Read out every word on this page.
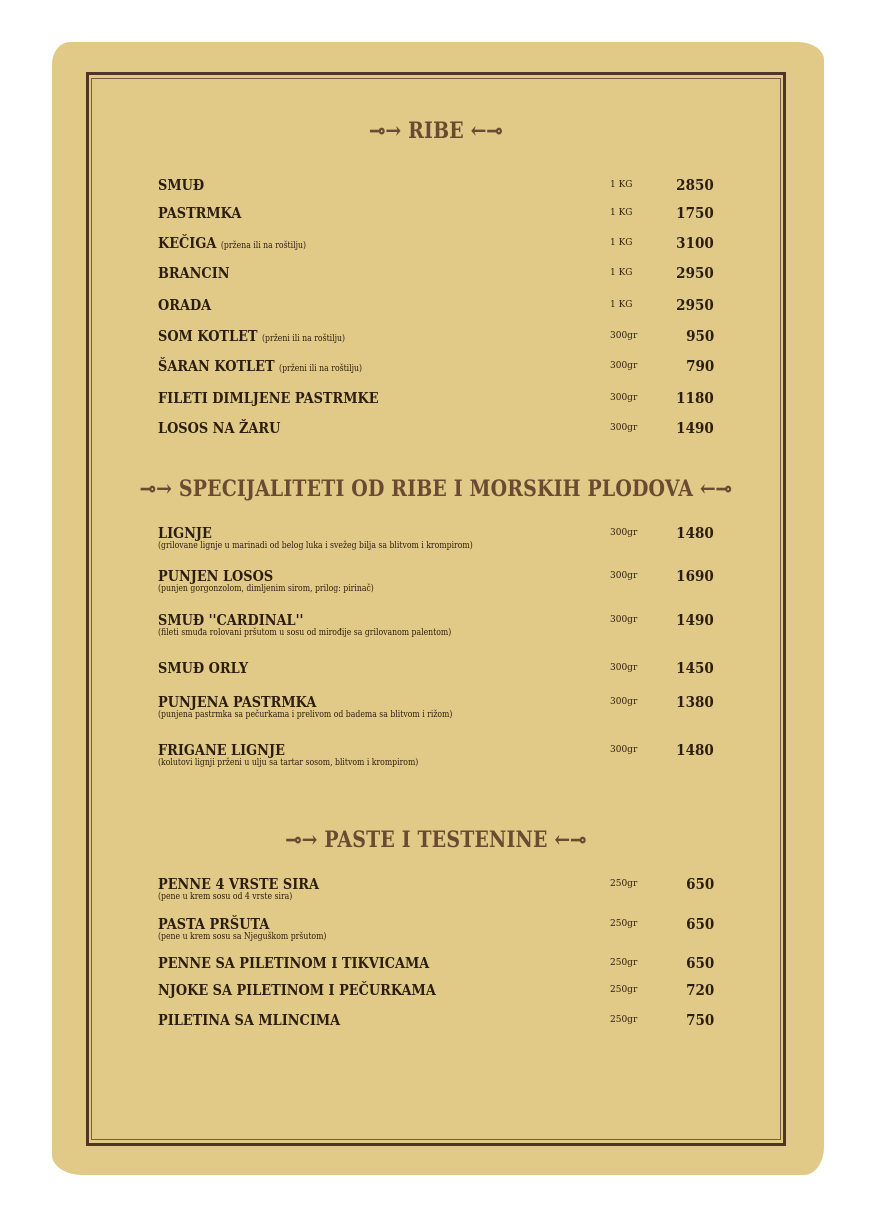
⊸→ RIBE ←⊸
⊸→ SPECIJALITETI OD RIBE I MORSKIH PLODOVA ←⊸
⊸→ PASTE I TESTENINE ←⊸
SMUĐ	1 KG	2850
PASTRMKA	1 KG	1750
KEČIGA (pržena ili na roštilju)	1 KG	3100
BRANCIN	1 KG	2950
ORADA	1 KG	2950
SOM KOTLET (prženi ili na roštilju)	300gr	950
ŠARAN KOTLET (prženi ili na roštilju)	300gr	790
FILETI DIMLJENE PASTRMKE	300gr	1180
LOSOS NA ŽARU	300gr	1490
LIGNJE
(grilovane lignje u marinadi od belog luka i svežeg bilja sa blitvom i krompirom)
300gr	1480
PUNJEN LOSOS
(punjen gorgonzolom, dimljenim sirom, prilog: pirinač)
300gr	1690
SMUĐ ''CARDINAL''
(fileti smuđa rolovani pršutom u sosu od mirođije sa grilovanom palentom)
300gr	1490
SMUĐ ORLY	300gr	1450
PUNJENA PASTRMKA
(punjena pastrmka sa pečurkama i prelivom od badema sa blitvom i rižom)
300gr	1380
FRIGANE LIGNJE
(kolutovi lignji prženi u ulju sa tartar sosom, blitvom i krompirom)
300gr	1480
PENNE 4 VRSTE SIRA
(pene u krem sosu od 4 vrste sira)
250gr	650
PASTA PRŠUTA
(pene u krem sosu sa Njeguškom pršutom)
250gr	650
PENNE SA PILETINOM I TIKVICAMA	250gr	650
NJOKE SA PILETINOM I PEČURKAMA	250gr	720
PILETINA SA MLINCIMA	250gr	750
